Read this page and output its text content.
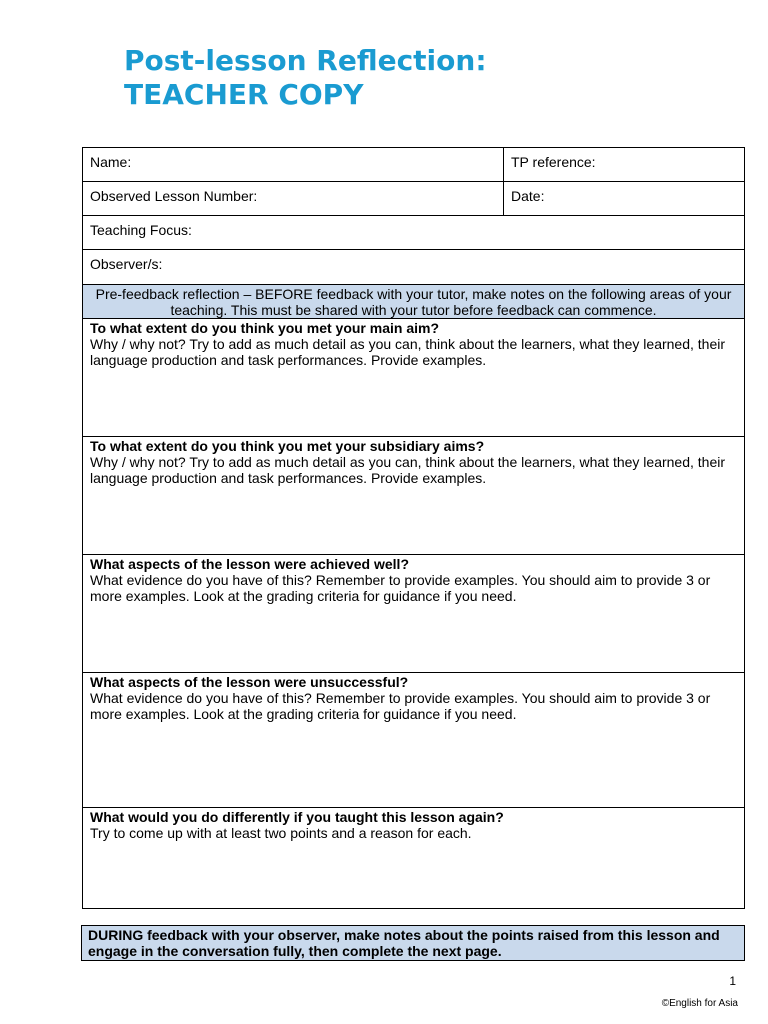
Post-lesson Reflection:
TEACHER COPY
Name:	TP reference:
Observed Lesson Number:	Date:
Teaching Focus:	
Observer/s:	
Pre-feedback reflection – BEFORE feedback with your tutor, make notes on the following areas of your teaching. This must be shared with your tutor before feedback can commence.	

To what extent do you think you met your main aim?
Why / why not? Try to add as much detail as you can, think about the learners, what they learned, their language production and task performances. Provide examples.	

To what extent do you think you met your subsidiary aims?
Why / why not? Try to add as much detail as you can, think about the learners, what they learned, their language production and task performances. Provide examples.	

What aspects of the lesson were achieved well?
What evidence do you have of this? Remember to provide examples. You should aim to provide 3 or more examples. Look at the grading criteria for guidance if you need.	

What aspects of the lesson were unsuccessful?
What evidence do you have of this? Remember to provide examples. You should aim to provide 3 or more examples. Look at the grading criteria for guidance if you need.	

What would you do differently if you taught this lesson again?
Try to come up with at least two points and a reason for each.	
DURING feedback with your observer, make notes about the points raised from this lesson and engage in the conversation fully, then complete the next page.
1
©English for Asia
